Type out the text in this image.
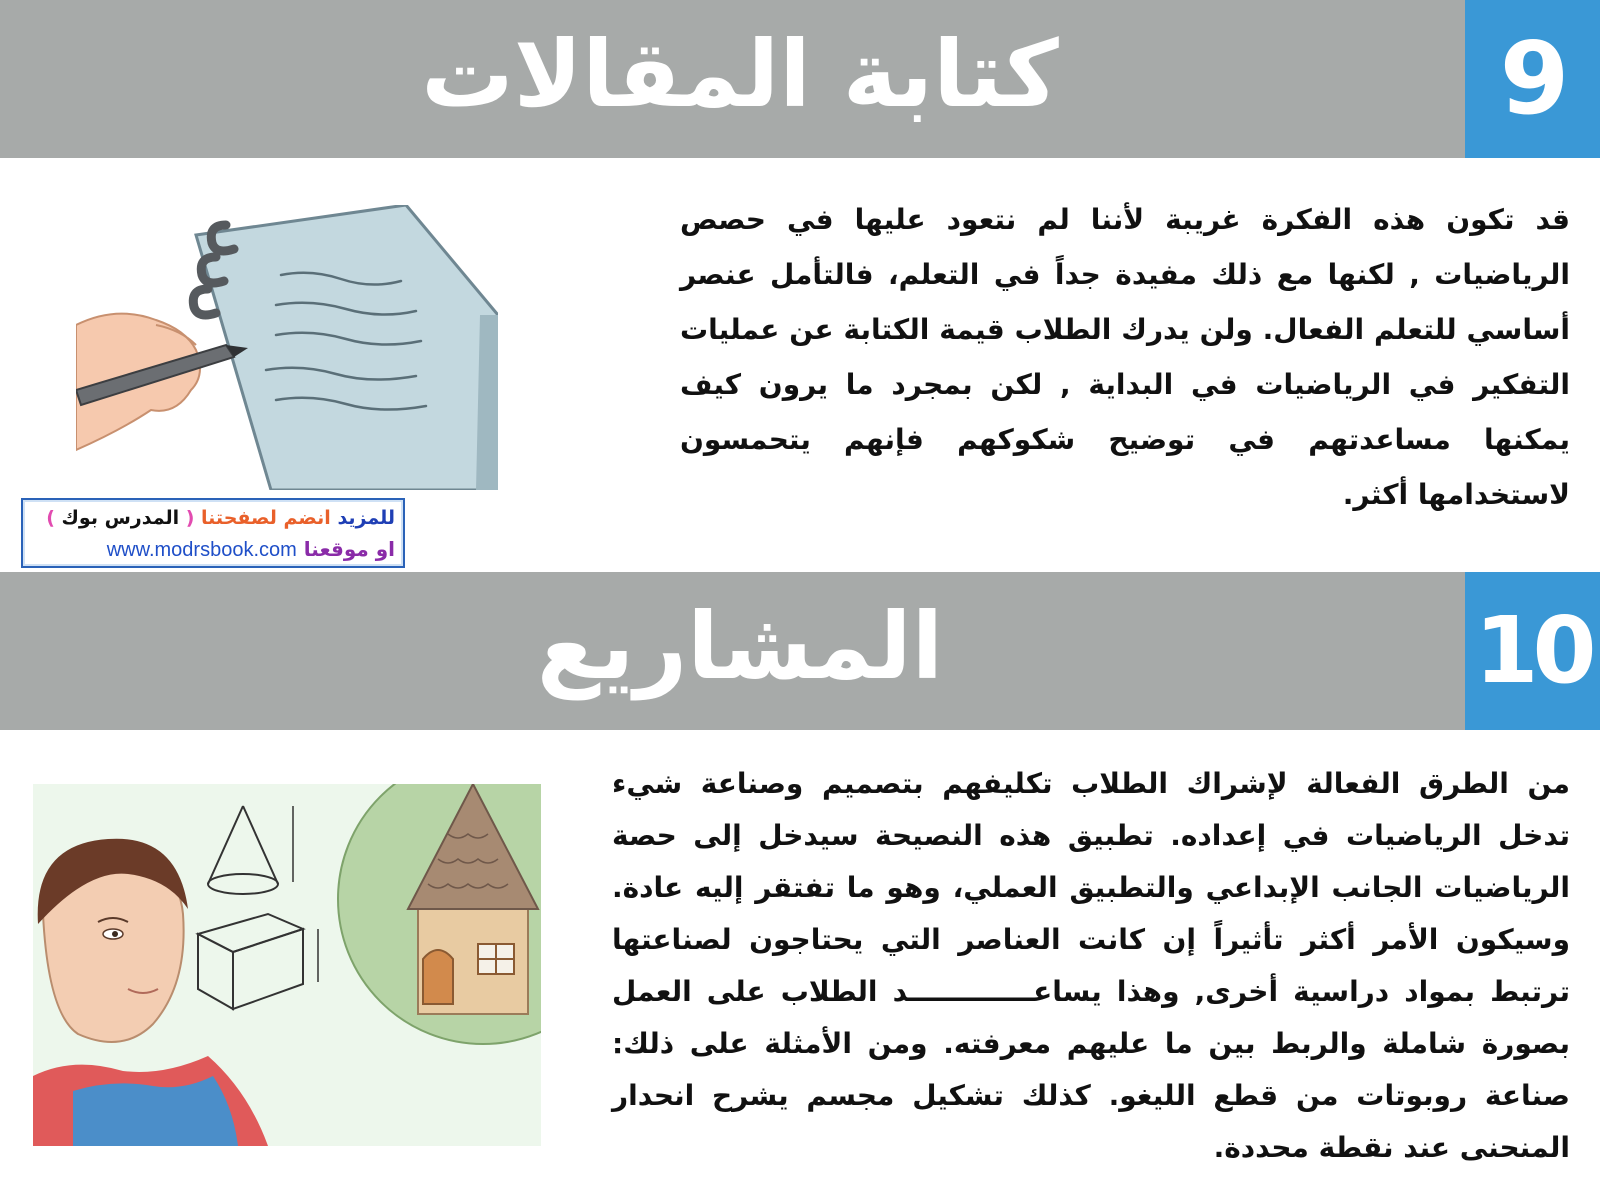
كتابة المقالات	9
قد تكون هذه الفكرة غريبة لأننا لم نتعود عليها في حصص الرياضيات , لكنها مع ذلك مفيدة جداً في التعلم، فالتأمل عنصر أساسي للتعلم الفعال. ولن يدرك الطلاب قيمة الكتابة عن عمليات التفكير في الرياضيات في البداية , لكن بمجرد ما يرون كيف يمكنها مساعدتهم في توضيح شكوكهم فإنهم يتحمسون لاستخدامها أكثر.
للمزيد انضم لصفحتنا ( المدرس بوك )
او موقعنا www.modrsbook.com
المشاريع	10
من الطرق الفعالة لإشراك الطلاب تكليفهم بتصميم وصناعة شيء تدخل الرياضيات في إعداده. تطبيق هذه النصيحة سيدخل إلى حصة الرياضيات الجانب الإبداعي والتطبيق العملي، وهو ما تفتقر إليه عادة. وسيكون الأمر أكثر تأثيراً إن كانت العناصر التي يحتاجون لصناعتها ترتبط بمواد دراسية أخرى, وهذا يساعـــــــــــــد الطلاب على العمل بصورة شاملة والربط بين ما عليهم معرفته. ومن الأمثلة على ذلك: صناعة روبوتات من قطع الليغو. كذلك تشكيل مجسم يشرح انحدار المنحنى عند نقطة محددة.
